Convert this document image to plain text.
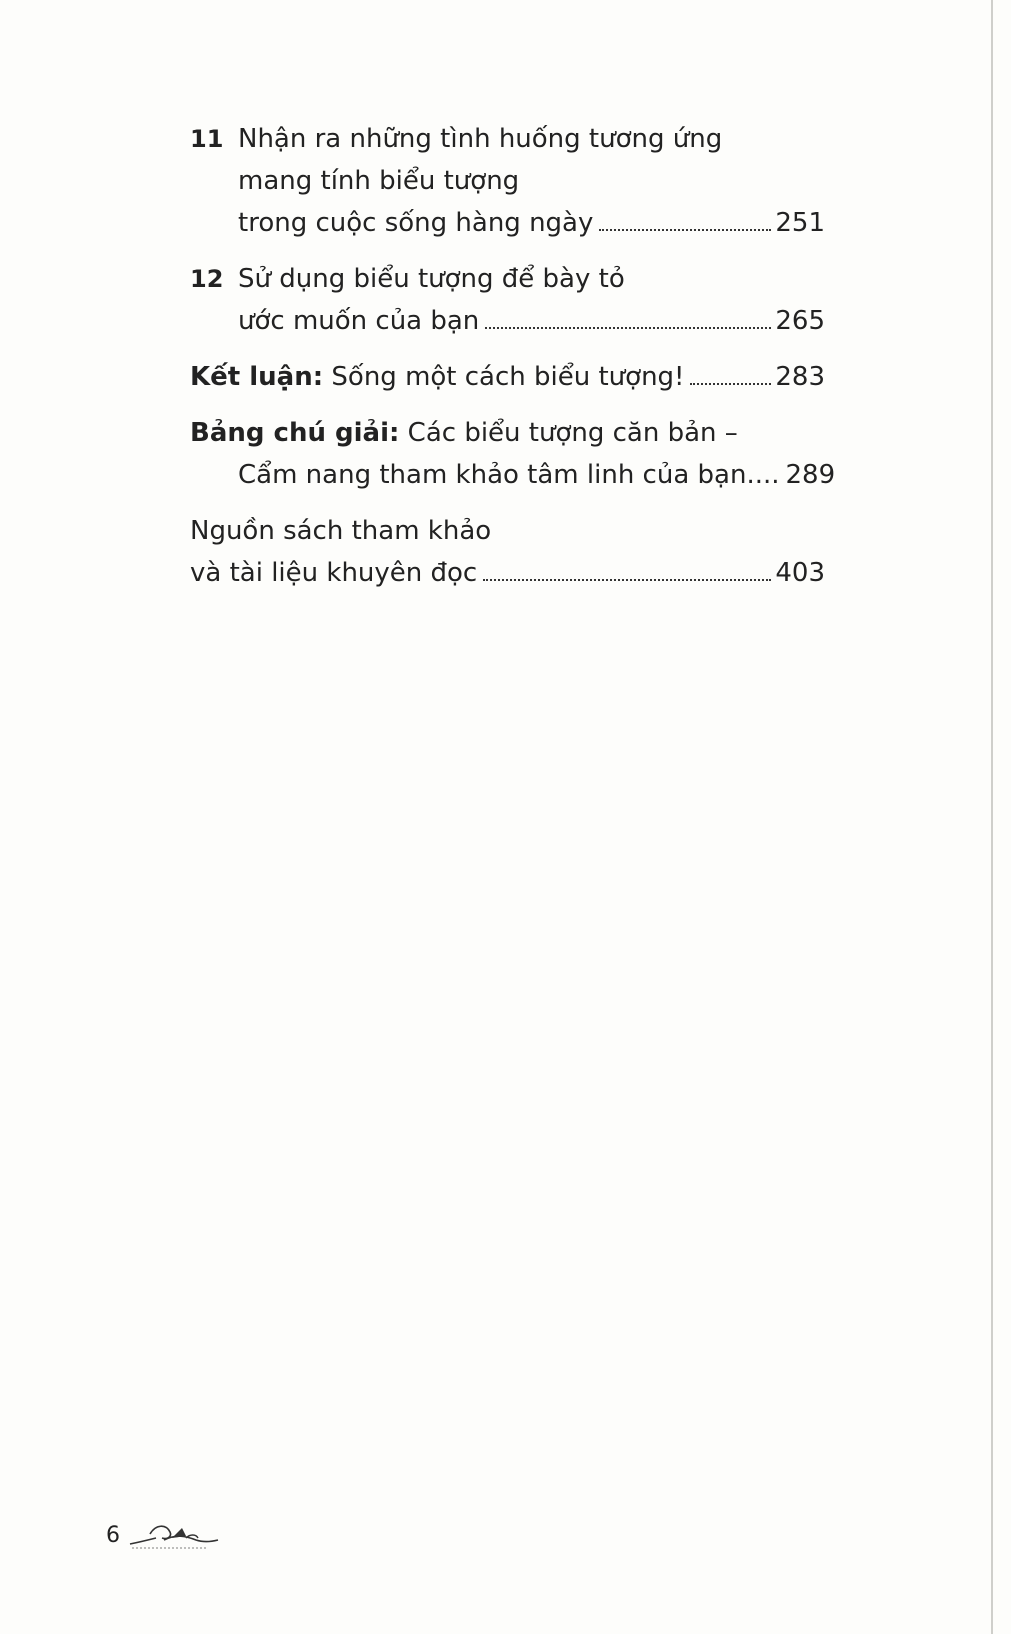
11 Nhận ra những tình huống tương ứng
mang tính biểu tượng
trong cuộc sống hàng ngày	251
12 Sử dụng biểu tượng để bày tỏ
ước muốn của bạn	265
Kết luận:
Sống một cách biểu tượng!	283
Bảng chú giải: Các biểu tượng căn bản –
Cẩm nang tham khảo tâm linh của bạn.... 289
Nguồn sách tham khảo
và tài liệu khuyên đọc	403
6
